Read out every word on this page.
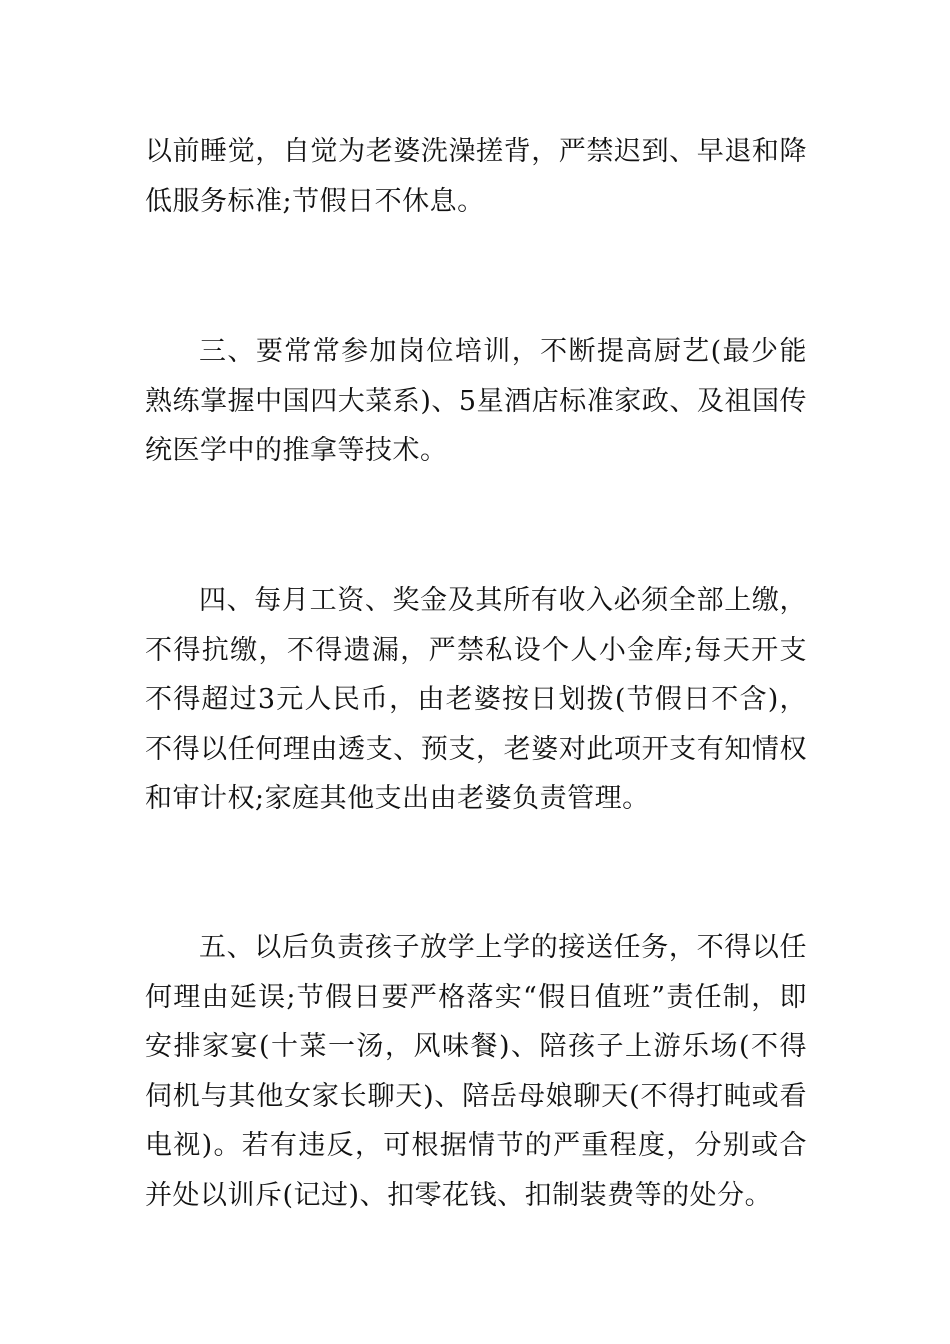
以前睡觉，自觉为老婆洗澡搓背，严禁迟到、早退和降低服务标准;节假日不休息。

三、要常常参加岗位培训，不断提高厨艺(最少能熟练掌握中国四大菜系)、5星酒店标准家政、及祖国传统医学中的推拿等技术。

四、每月工资、奖金及其所有收入必须全部上缴，不得抗缴，不得遗漏，严禁私设个人小金库;每天开支不得超过3元人民币，由老婆按日划拨(节假日不含)，不得以任何理由透支、预支，老婆对此项开支有知情权和审计权;家庭其他支出由老婆负责管理。

五、以后负责孩子放学上学的接送任务，不得以任何理由延误;节假日要严格落实“假日值班”责任制，即安排家宴(十菜一汤，风味餐)、陪孩子上游乐场(不得伺机与其他女家长聊天)、陪岳母娘聊天(不得打盹或看电视)。若有违反，可根据情节的严重程度，分别或合并处以训斥(记过)、扣零花钱、扣制装费等的处分。
